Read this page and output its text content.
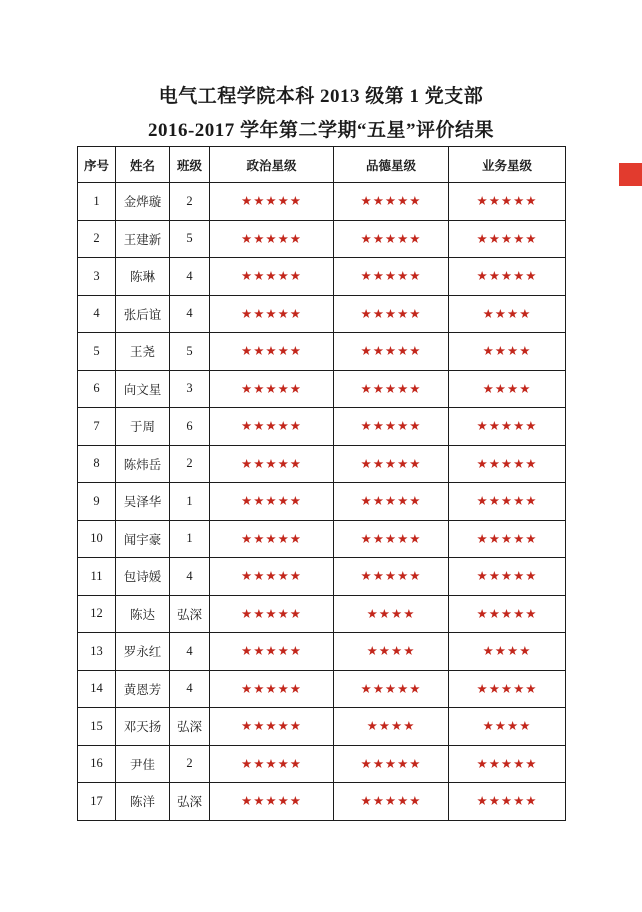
电气工程学院本科 2013 级第 1 党支部
2016-2017 学年第二学期“五星”评价结果
序号	姓名	班级	政治星级	品德星级	业务星级
1	金烨璇	2	★★★★★	★★★★★	★★★★★
2	王建新	5	★★★★★	★★★★★	★★★★★
3	陈琳	4	★★★★★	★★★★★	★★★★★
4	张后谊	4	★★★★★	★★★★★	★★★★
5	王尧	5	★★★★★	★★★★★	★★★★
6	向文星	3	★★★★★	★★★★★	★★★★
7	于周	6	★★★★★	★★★★★	★★★★★
8	陈炜岳	2	★★★★★	★★★★★	★★★★★
9	吴泽华	1	★★★★★	★★★★★	★★★★★
10	闻宇豪	1	★★★★★	★★★★★	★★★★★
11	包诗媛	4	★★★★★	★★★★★	★★★★★
12	陈达	弘深	★★★★★	★★★★	★★★★★
13	罗永红	4	★★★★★	★★★★	★★★★
14	黄恩芳	4	★★★★★	★★★★★	★★★★★
15	邓天扬	弘深	★★★★★	★★★★	★★★★
16	尹佳	2	★★★★★	★★★★★	★★★★★
17	陈洋	弘深	★★★★★	★★★★★	★★★★★
